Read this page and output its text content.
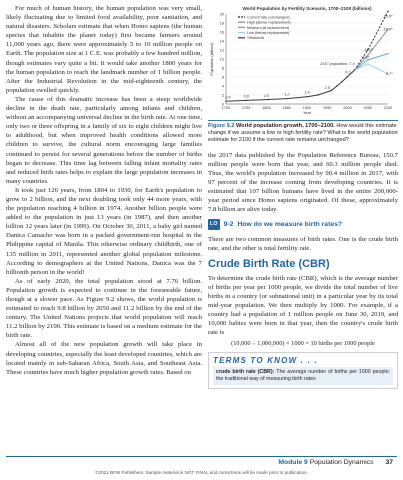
For much of human history, the human population was very small, likely fluctuating due to limited food availability, poor sanitation, and natural disasters. Scholars estimate that when Homo sapiens (the human species that inhabits the planet today) first became farmers around 11,000 years ago, there were approximately 5 to 10 million people on Earth. The population size at 1 C.E. was probably a few hundred million, though estimates vary quite a bit. It would take another 1800 years for the human population to reach the landmark number of 1 billion people. After the Industrial Revolution in the mid-eighteenth century, the population swelled quickly.

The cause of this dramatic increase has been a steep worldwide decline in the death rate, particularly among infants and children, without an accompanying universal decline in the birth rate. At one time, only two or three offspring in a family of six to eight children might live to adulthood, but when improved health conditions allowed more children to survive, the cultural norm encouraging large families continued to persist for several generations before the number of births began to decrease. This time lag between falling infant mortality rates and reduced birth rates helps to explain the large population increases in many countries.

It took just 126 years, from 1804 to 1930, for Earth's population to grow to 2 billion, and the next doubling took only 44 more years, with the population reaching 4 billion in 1974. Another billion people were added to the population in just 13 years (in 1987), and then another billion 12 years later (in 1999). On October 30, 2011, a baby girl named Danica Camacho was born in a packed government-run hospital in the Philippine capital of Manila. This otherwise ordinary childbirth, one of 135 million in 2011, represented another global population milestone. According to demographers at the United Nations, Danica was the 7 billionth person in the world!

As of early 2020, the total population stood at 7.76 billion. Population growth is expected to continue in the foreseeable future, though at a slower pace. As Figure 9.2 shows, the world population is estimated to reach 9.8 billion by 2050 and 11.2 billion by the end of the century. The United Nations projects that world population will reach 11.2 billion by 2100. This estimate is based on a medium estimate for the birth rate.

Almost all of the new population growth will take place in developing countries, especially the least developed countries, which are located mainly in sub-Saharan Africa, South Asia, and Southeast Asia. These countries have much higher population growth rates. Based on

World Population by Fertility Scenario, 1700–2100 (billions)
0
2
4
6
8
10
12
14
16
18
20
1700	1750	1800	1850	1900	1950	2000	2050	2100
Year
Population (billions)
Current rate (unchanged)
High (above replacement)
Medium (at replacement)
Low (below replacement)
*Historical
26.0*
16.6*
2017 population: 7.5
11.2*
9.8*
6.7*
0.6	0.8	1.0	1.2	1.6
2.5
6.1
Figure 9.2 World population growth, 1700–2100. How would this estimate change if we assume a low or high fertility rate? What is the world population estimate for 2100 if the current rate remains unchanged?

the 2017 data published by the Population Reference Bureau, 150.7 million people were born that year, and 60.3 million people died. Thus, the world's population increased by 90.4 million in 2017, with 97 percent of the increase coming from developing countries. It is estimated that 107 billion humans have lived in the entire 200,000-year period since Homo sapiens originated. Of these, approximately 7.8 billion are alive today.

LO 9-2 How do we measure birth rates?

There are two common measures of birth rates. One is the crude birth rate, and the other is total fertility rate.

Crude Birth Rate (CBR)

To determine the crude birth rate (CBR), which is the average number of births per year per 1000 people, we divide the total number of live births in a country (or subnational unit) in a particular year by its total mid-year population. We then multiply by 1000. For example, if a country had a population of 1 million people on June 30, 2019, and 10,000 babies were born in that year, then the country's crude birth rate is

(10,000 ÷ 1,000,000) × 1000 = 10 births per 1000 people
TERMS TO KNOW . . .
crude birth rate (CBR): The average number of births per 1000 people; the traditional way of measuring birth rates
Module 9 Population Dynamics 37
©2021 BFW Publishers. Sample material is NOT FINAL and corrections will be made prior to publication.
